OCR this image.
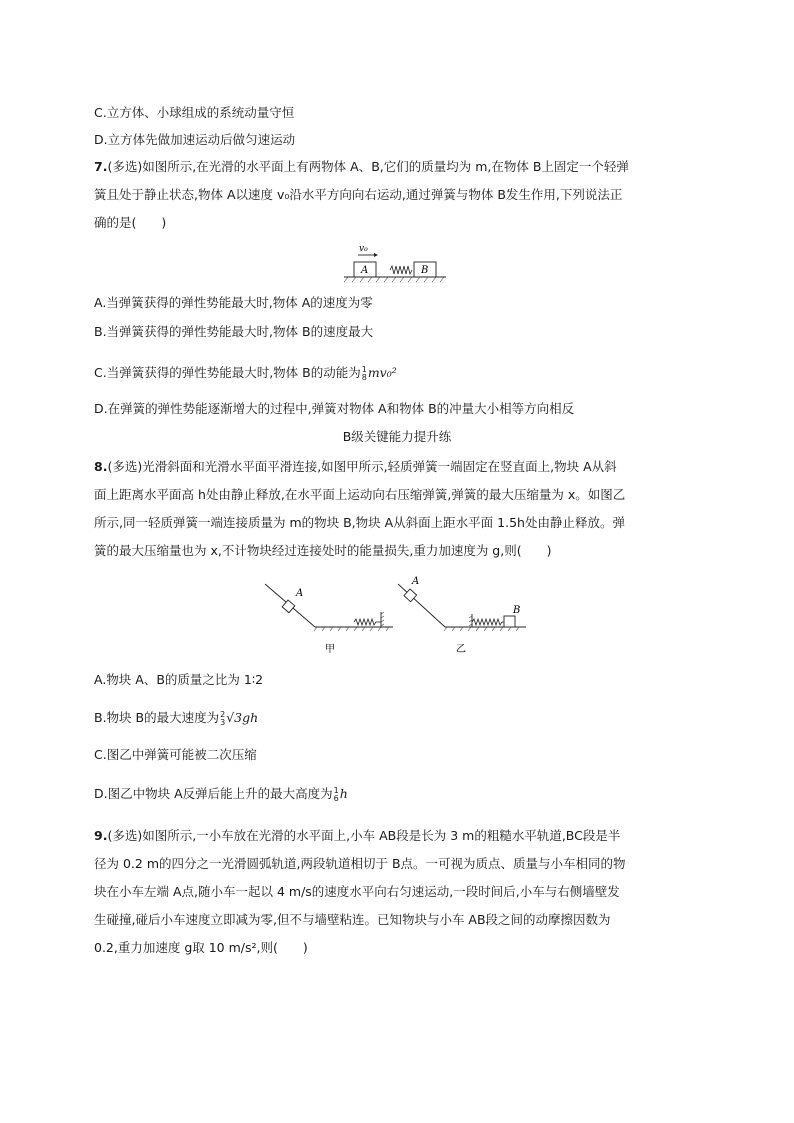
C.立方体、小球组成的系统动量守恒
D.立方体先做加速运动后做匀速运动
7.(多选)如图所示,在光滑的水平面上有两物体 A、B,它们的质量均为 m,在物体 B上固定一个轻弹
簧且处于静止状态,物体 A以速度 v₀沿水平方向向右运动,通过弹簧与物体 B发生作用,下列说法正
确的是(　　)
v₀
A	B
A.当弹簧获得的弹性势能最大时,物体 A的速度为零
B.当弹簧获得的弹性势能最大时,物体 B的速度最大
C.当弹簧获得的弹性势能最大时,物体 B的动能为 1
8 mv₀²
D.在弹簧的弹性势能逐渐增大的过程中,弹簧对物体 A和物体 B的冲量大小相等方向相反
B级关键能力提升练
8.(多选)光滑斜面和光滑水平面平滑连接,如图甲所示,轻质弹簧一端固定在竖直面上,物块 A从斜
面上距离水平面高 h处由静止释放,在水平面上运动向右压缩弹簧,弹簧的最大压缩量为 x。如图乙
所示,同一轻质弹簧一端连接质量为 m的物块 B,物块 A从斜面上距水平面 1.5h处由静止释放。弹
簧的最大压缩量也为 x,不计物块经过连接处时的能量损失,重力加速度为 g,则(　　)
A
甲
A
B
乙
A.物块 A、B的质量之比为 1∶2
B.物块 B的最大速度为 2
3 √3gh
C.图乙中弹簧可能被二次压缩
D.图乙中物块 A反弹后能上升的最大高度为 1
6 h
9.(多选)如图所示,一小车放在光滑的水平面上,小车 AB段是长为 3 m的粗糙水平轨道,BC段是半
径为 0.2 m的四分之一光滑圆弧轨道,两段轨道相切于 B点。一可视为质点、质量与小车相同的物
块在小车左端 A点,随小车一起以 4 m/s的速度水平向右匀速运动,一段时间后,小车与右侧墙壁发
生碰撞,碰后小车速度立即减为零,但不与墙壁粘连。已知物块与小车 AB段之间的动摩擦因数为
0.2,重力加速度 g取 10 m/s²,则(　　)
